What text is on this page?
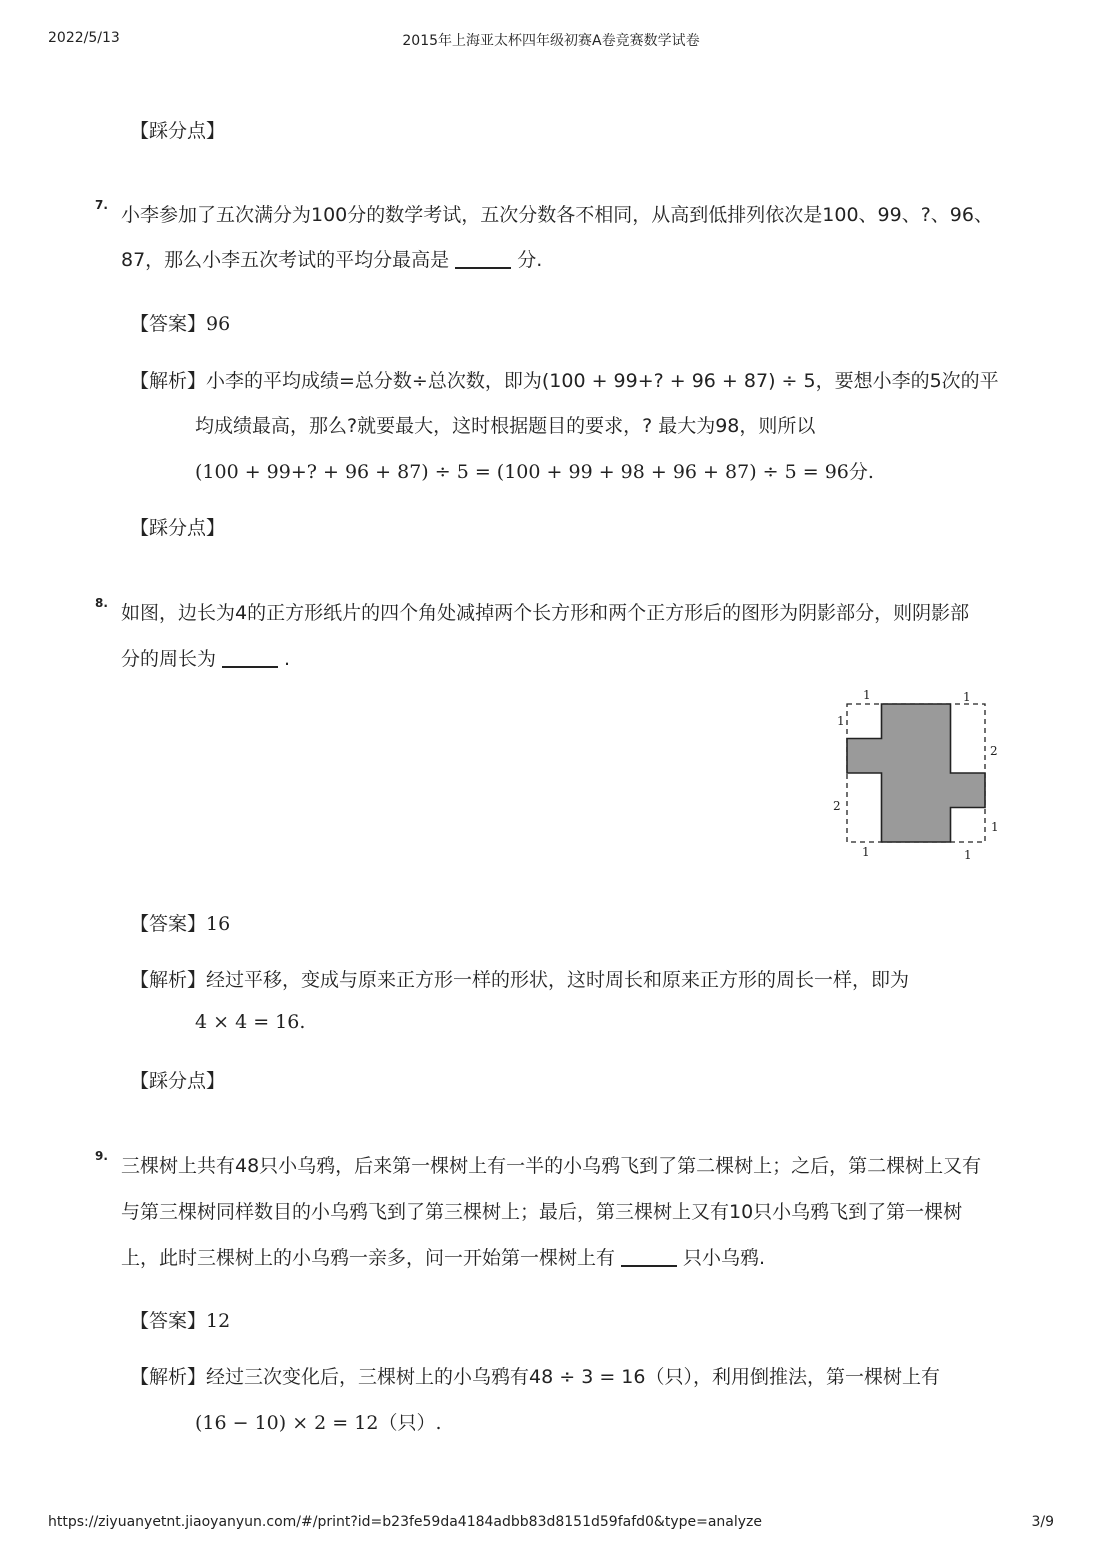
2022/5/13	2015年上海亚太杯四年级初赛A卷竞赛数学试卷
https://ziyuanyetnt.jiaoyanyun.com/#/print?id=b23fe59da4184adbb83d8151d59fafd0&type=analyze	3/9
【踩分点】
7. 小李参加了五次满分为100分的数学考试，五次分数各不相同，从高到低排列依次是100、99、?、96、
87，那么小李五次考试的平均分最高是	分.
【答案】96
【解析】小李的平均成绩=总分数÷总次数，即为(100 + 99+? + 96 + 87) ÷ 5，要想小李的5次的平
均成绩最高，那么?就要最大，这时根据题目的要求，? 最大为98，则所以
(100 + 99+? + 96 + 87) ÷ 5 = (100 + 99 + 98 + 96 + 87) ÷ 5 = 96分.
【踩分点】
8. 如图，边长为4的正方形纸片的四个角处减掉两个长方形和两个正方形后的图形为阴影部分，则阴影部
分的周长为	.
1	1
1
2
2
1
1	1
【答案】16
【解析】经过平移，变成与原来正方形一样的形状，这时周长和原来正方形的周长一样，即为
4 × 4 = 16.
【踩分点】
9. 三棵树上共有48只小乌鸦，后来第一棵树上有一半的小乌鸦飞到了第二棵树上；之后，第二棵树上又有
与第三棵树同样数目的小乌鸦飞到了第三棵树上；最后，第三棵树上又有10只小乌鸦飞到了第一棵树
上，此时三棵树上的小乌鸦一亲多，问一开始第一棵树上有	只小乌鸦.
【答案】12
【解析】经过三次变化后，三棵树上的小乌鸦有48 ÷ 3 = 16（只），利用倒推法，第一棵树上有
(16 − 10) × 2 = 12（只）.
